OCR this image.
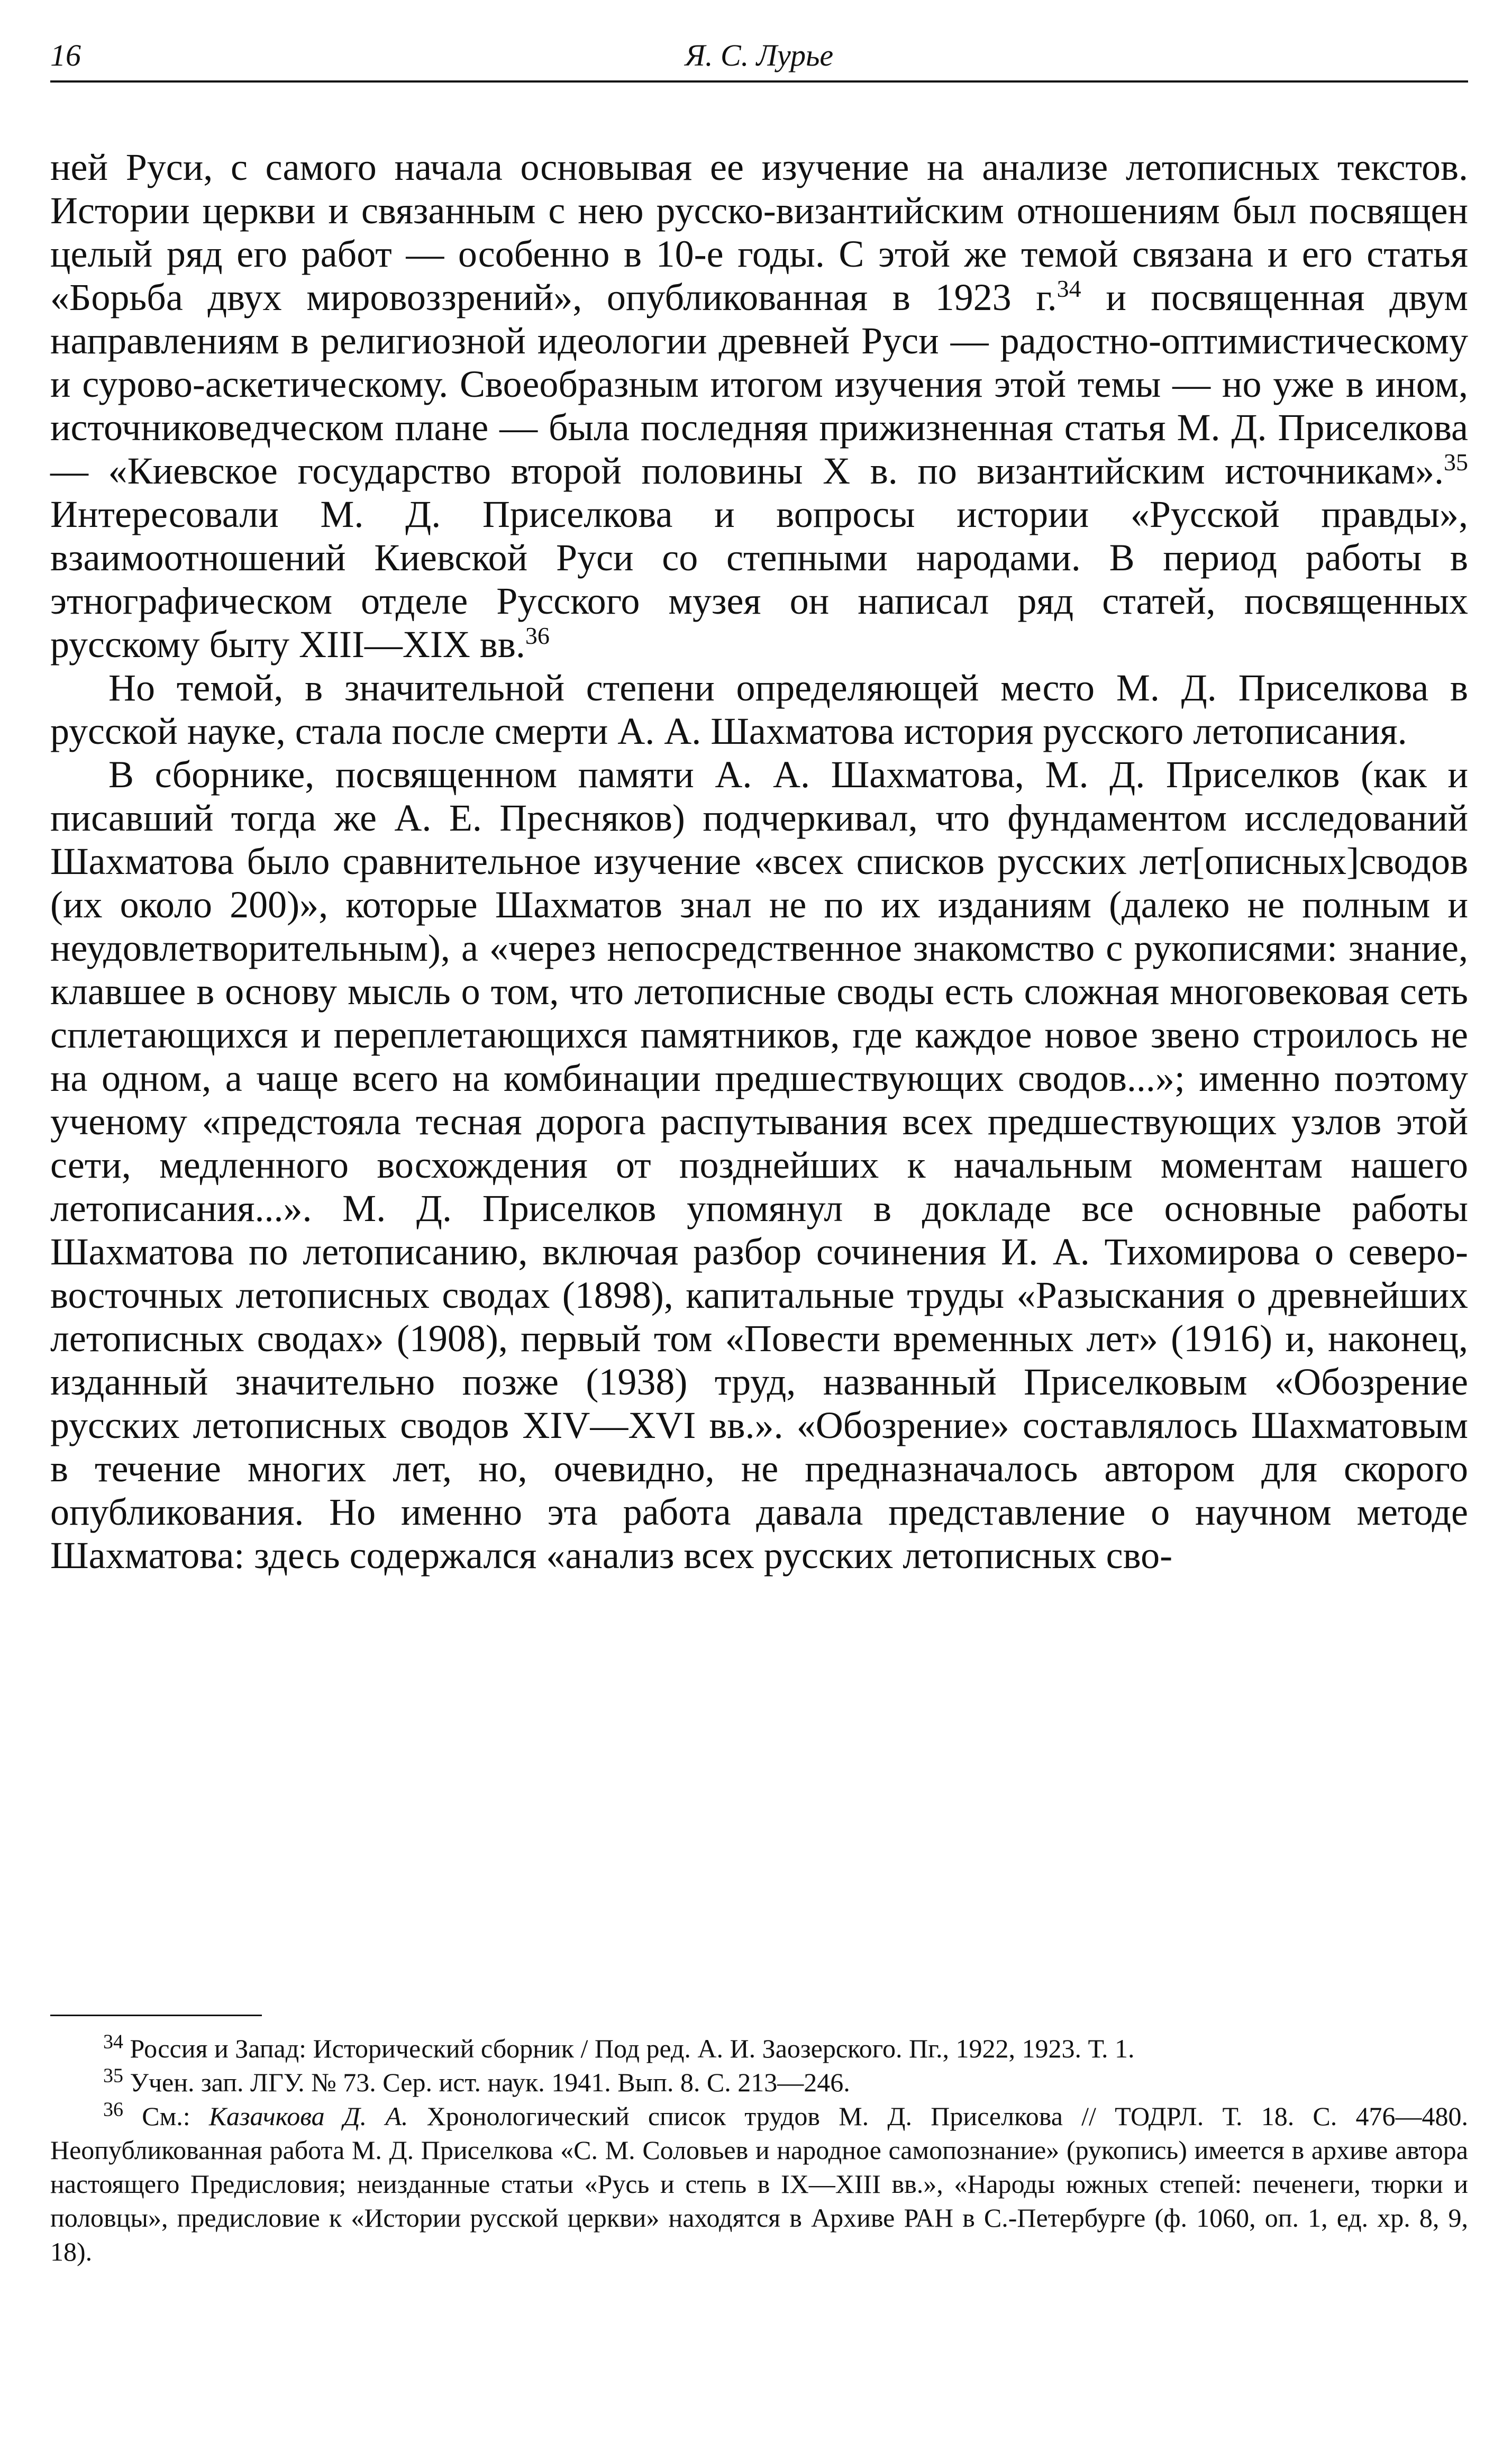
16	Я. С. Лурье

ней Руси, с самого начала основывая ее изучение на анализе летописных текстов. Истории церкви и связанным с нею русско-византийским отношениям был посвящен целый ряд его работ — особенно в 10-е годы. С этой же темой связана и его статья «Борьба двух мировоззрений», опубликованная в 1923 г.$^{34}$ и посвященная двум направлениям в религиозной идеологии древней Руси — радостно-оптимистическому и сурово-аскетическому. Своеобразным итогом изучения этой темы — но уже в ином, источниковедческом плане — была последняя прижизненная статья М. Д. Приселкова — «Киевское государство второй половины X в. по византийским источникам».$^{35}$ Интересовали М. Д. Приселкова и вопросы истории «Русской правды», взаимоотношений Киевской Руси со степными народами. В период работы в этнографическом отделе Русского музея он написал ряд статей, посвященных русскому быту XIII—XIX вв.$^{36}$

Но темой, в значительной степени определяющей место М. Д. Приселкова в русской науке, стала после смерти А. А. Шахматова история русского летописания.

В сборнике, посвященном памяти А. А. Шахматова, М. Д. Приселков (как и писавший тогда же А. Е. Пресняков) подчеркивал, что фундаментом исследований Шахматова было сравнительное изучение «всех списков русских лет[описных]сводов (их около 200)», которые Шахматов знал не по их изданиям (далеко не полным и неудовлетворительным), а «через непосредственное знакомство с рукописями: знание, клавшее в основу мысль о том, что летописные своды есть сложная многовековая сеть сплетающихся и переплетающихся памятников, где каждое новое звено строилось не на одном, а чаще всего на комбинации предшествующих сводов...»; именно поэтому ученому «предстояла тесная дорога распутывания всех предшествующих узлов этой сети, медленного восхождения от позднейших к начальным моментам нашего летописания...». М. Д. Приселков упомянул в докладе все основные работы Шахматова по летописанию, включая разбор сочинения И. А. Тихомирова о северо-восточных летописных сводах (1898), капитальные труды «Разыскания о древнейших летописных сводах» (1908), первый том «Повести временных лет» (1916) и, наконец, изданный значительно позже (1938) труд, названный Приселковым «Обозрение русских летописных сводов XIV—XVI вв.». «Обозрение» составлялось Шахматовым в течение многих лет, но, очевидно, не предназначалось автором для скорого опубликования. Но именно эта работа давала представление о научном методе Шахматова: здесь содержался «анализ всех русских летописных сво-

$^{34}$ Россия и Запад: Исторический сборник / Под ред. А. И. Заозерского. Пг., 1922, 1923. Т. 1.

$^{35}$ Учен. зап. ЛГУ. № 73. Сер. ист. наук. 1941. Вып. 8. С. 213—246.

$^{36}$ См.: Казачкова Д. А. Хронологический список трудов М. Д. Приселкова // ТОДРЛ. Т. 18. С. 476—480. Неопубликованная работа М. Д. Приселкова «С. М. Соловьев и народное самопознание» (рукопись) имеется в архиве автора настоящего Предисловия; неизданные статьи «Русь и степь в IX—XIII вв.», «Народы южных степей: печенеги, тюрки и половцы», предисловие к «Истории русской церкви» находятся в Архиве РАН в С.-Петербурге (ф. 1060, оп. 1, ед. хр. 8, 9, 18).
